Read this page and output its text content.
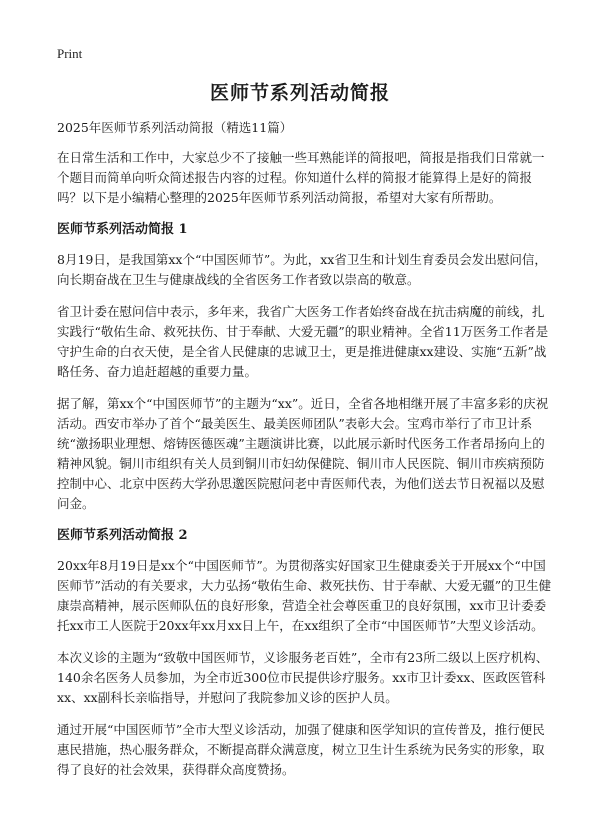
Print
医师节系列活动简报

2025年医师节系列活动简报（精选11篇）

在日常生活和工作中，大家总少不了接触一些耳熟能详的简报吧，简报是指我们日常就一个题目而简单向听众简述报告内容的过程。你知道什么样的简报才能算得上是好的简报吗？以下是小编精心整理的2025年医师节系列活动简报，希望对大家有所帮助。

医师节系列活动简报 1

8月19日，是我国第xx个“中国医师节”。为此，xx省卫生和计划生育委员会发出慰问信，向长期奋战在卫生与健康战线的全省医务工作者致以崇高的敬意。

省卫计委在慰问信中表示，多年来，我省广大医务工作者始终奋战在抗击病魔的前线，扎实践行“敬佑生命、救死扶伤、甘于奉献、大爱无疆”的职业精神。全省11万医务工作者是守护生命的白衣天使，是全省人民健康的忠诚卫士，更是推进健康xx建设、实施“五新”战略任务、奋力追赶超越的重要力量。

据了解，第xx个“中国医师节”的主题为“xx”。近日，全省各地相继开展了丰富多彩的庆祝活动。西安市举办了首个“最美医生、最美医师团队”表彰大会。宝鸡市举行了市卫计系统“激扬职业理想、熔铸医德医魂”主题演讲比赛，以此展示新时代医务工作者昂扬向上的精神风貌。铜川市组织有关人员到铜川市妇幼保健院、铜川市人民医院、铜川市疾病预防控制中心、北京中医药大学孙思邈医院慰问老中青医师代表，为他们送去节日祝福以及慰问金。

医师节系列活动简报 2

20xx年8月19日是xx个“中国医师节”。为贯彻落实好国家卫生健康委关于开展xx个“中国医师节”活动的有关要求，大力弘扬“敬佑生命、救死扶伤、甘于奉献、大爱无疆”的卫生健康崇高精神，展示医师队伍的良好形象，营造全社会尊医重卫的良好氛围，xx市卫计委委托xx市工人医院于20xx年xx月xx日上午，在xx组织了全市“中国医师节”大型义诊活动。

本次义诊的主题为“致敬中国医师节，义诊服务老百姓”，全市有23所二级以上医疗机构、140余名医务人员参加，为全市近300位市民提供诊疗服务。xx市卫计委xx、医政医管科xx、xx副科长亲临指导，并慰问了我院参加义诊的医护人员。

通过开展“中国医师节”全市大型义诊活动，加强了健康和医学知识的宣传普及，推行便民惠民措施，热心服务群众，不断提高群众满意度，树立卫生计生系统为民务实的形象，取得了良好的社会效果，获得群众高度赞扬。
